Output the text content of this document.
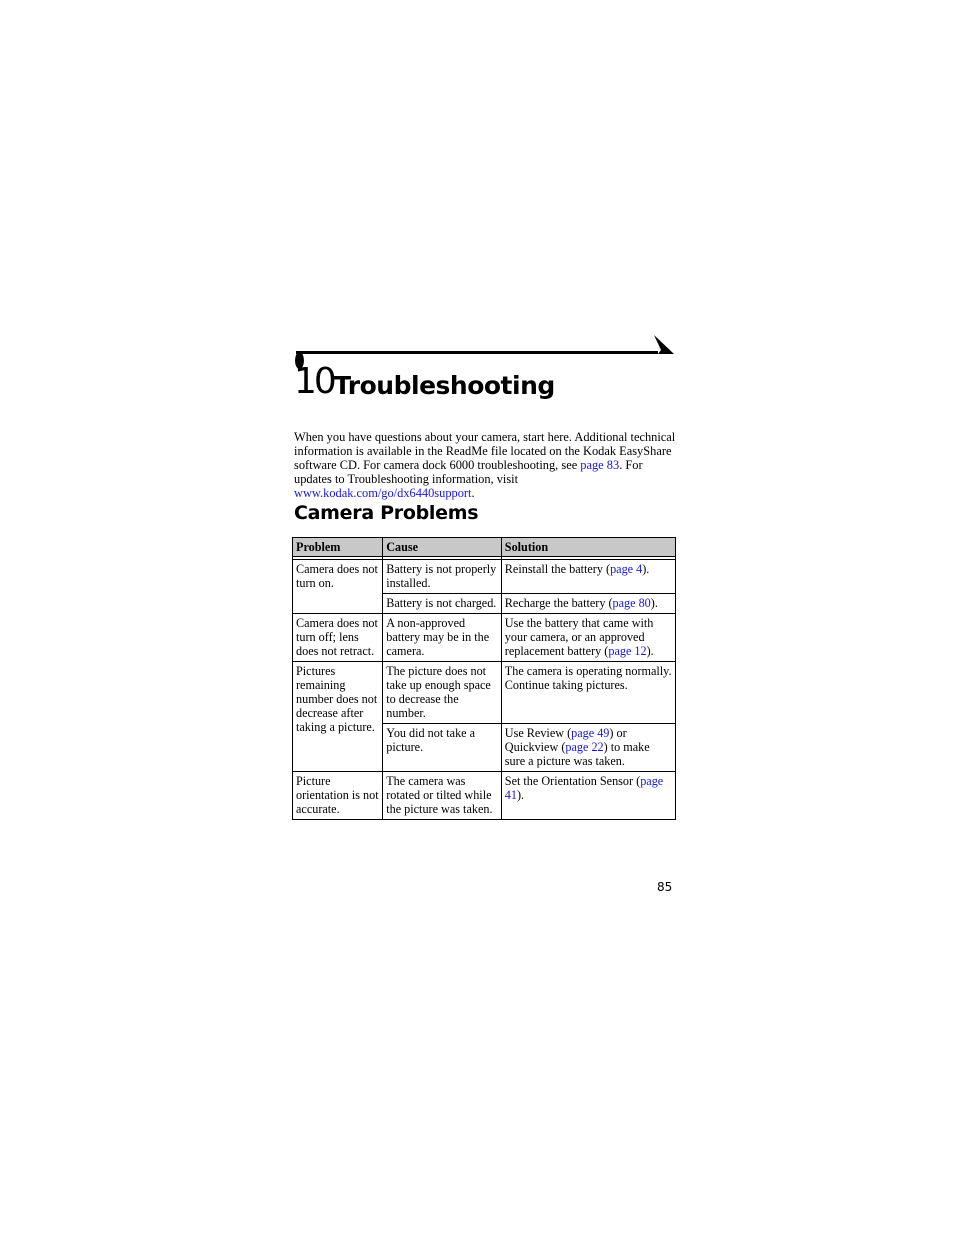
10 Troubleshooting

When you have questions about your camera, start here. Additional technical information is available in the ReadMe file located on the Kodak EasyShare software CD. For camera dock 6000 troubleshooting, see page 83. For updates to Troubleshooting information, visit www.kodak.com/go/dx6440support.

Camera Problems
Problem	Cause	Solution

Camera does not turn on.	Battery is not properly installed.	Reinstall the battery (page 4).
	Battery is not charged.	Recharge the battery (page 80).
Camera does not turn off; lens does not retract.	A non-approved battery may be in the camera.	Use the battery that came with your camera, or an approved replacement battery (page 12).
Pictures remaining number does not decrease after taking a picture.	The picture does not take up enough space to decrease the number.	The camera is operating normally. Continue taking pictures.
	You did not take a picture.	Use Review (page 49) or Quickview (page 22) to make sure a picture was taken.
Picture orientation is not accurate.	The camera was rotated or tilted while the picture was taken.	Set the Orientation Sensor (page 41).
85
